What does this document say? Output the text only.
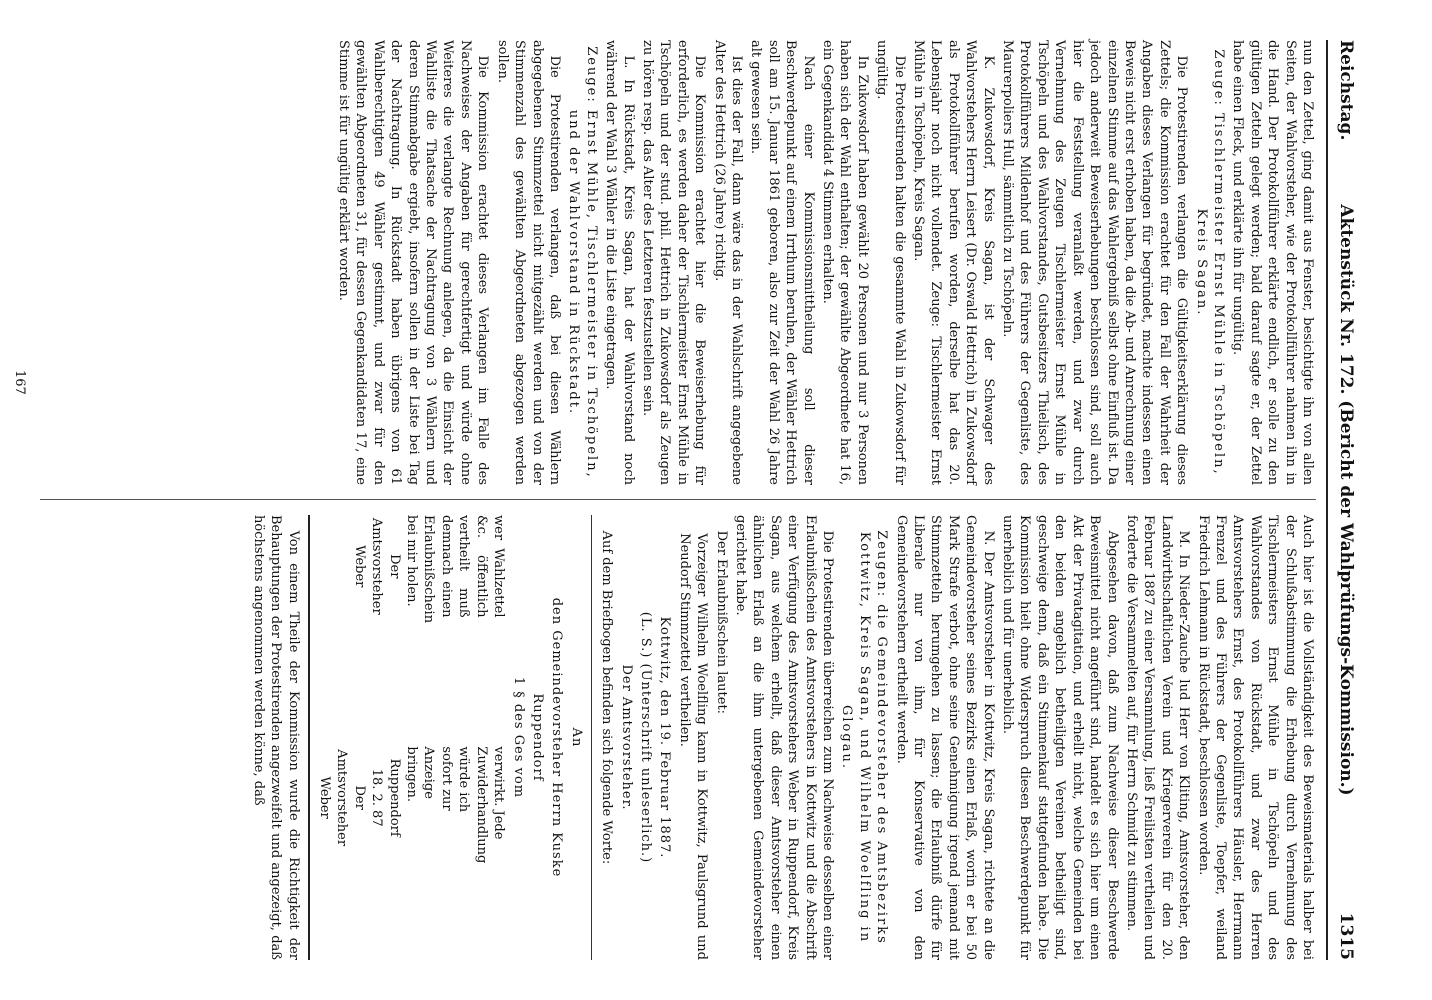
Reichstag.
Aktenstück Nr. 172. (Bericht der Wahlprüfungs-Kommission.)
1315

nun den Zettel, ging damit aus Fenster, besichtigte ihn von allen Seiten, der Wahlvorsteher, wie der Protokollführer nahmen ihn in die Hand. Der Protokollführer erklärte endlich, er solle zu den gültigen Zetteln gelegt werden; bald darauf sagte er, der Zettel habe einen Fleck, und erklärte ihn für ungültig.

Zeuge: Tischlermeister Ernst Mühle in Tschöpeln, Kreis Sagan.

Die Protestirenden verlangen die Gültigkeitserklärung dieses Zettels; die Kommission erachtet für den Fall der Wahrheit der Angaben dieses Verlangen für begründet, machte indessen einen Beweis nicht erst erhoben haben, da die Ab- und Anrechnung einer einzelnen Stimme auf das Wahlergebniß selbst ohne Einfluß ist. Da jedoch anderweit Beweiserhebungen beschlossen sind, soll auch hier die Feststellung veranlaßt werden, und zwar durch Vernehmung des Zeugen Tischlermeister Ernst Mühle in Tschöpeln und des Wahlvorstandes, Gutsbesitzers Thielisch, des Protokollführers Mildenhof und des Führers der Gegenliste, des Maurerpoliers Hull, sämmtlich zu Tschöpeln.

K. Zukowsdorf, Kreis Sagan, ist der Schwager des Wahlvorstehers Herrn Leisert (Dr. Oswald Hettrich) in Zukowsdorf als Protokollführer berufen worden, derselbe hat das 20. Lebensjahr noch nicht vollendet. Zeuge: Tischlermeister Ernst Mühle in Tschöpeln, Kreis Sagan.

Die Protestirenden halten die gesammte Wahl in Zukowsdorf für ungültig.

In Zukowsdorf haben gewählt 20 Personen und nur 3 Personen haben sich der Wahl enthalten; der gewählte Abgeordnete hat 16, ein Gegenkandidat 4 Stimmen erhalten.

Nach einer Kommissionsmittheilung soll dieser Beschwerdepunkt auf einem Irrthum beruhen, der Wähler Hettrich soll am 15. Januar 1861 geboren, also zur Zeit der Wahl 26 Jahre alt gewesen sein.

Ist dies der Fall, dann wäre das in der Wahlschrift angegebene Alter des Hettrich (26 Jahre) richtig.

Die Kommission erachtet hier die Beweiserhebung für erforderlich, es werden daher der Tischlermeister Ernst Mühle in Tschöpeln und der stud. phil. Hettrich in Zukowsdorf als Zeugen zu hören resp. das Alter des Letzteren festzustellen sein.

L. In Rückstadt, Kreis Sagan, hat der Wahlvorstand noch während der Wahl 3 Wähler in die Liste eingetragen.

Zeuge: Ernst Mühle, Tischlermeister in Tschöpeln, und der Wahlvorstand in Rückstadt.

Die Protestirenden verlangen, daß bei diesen Wählern abgegebenen Stimmzettel nicht mitgezählt werden und von der Stimmenzahl des gewählten Abgeordneten abgezogen werden sollen.

Die Kommission erachtet dieses Verlangen im Falle des Nachweises der Angaben für gerechtfertigt und würde ohne Weiteres die verlangte Rechnung anlegen, da die Einsicht der Wahlliste die Thatsache der Nachtragung von 3 Wählern und deren Stimmabgabe ergiebt, insofern sollen in der Liste bei Tag der Nachtragung. In Rückstadt haben übrigens von 61 Wahlberechtigten 49 Wähler gestimmt, und zwar für den gewählten Abgeordneten 31, für dessen Gegenkandidaten 17, eine Stimme ist für ungültig erklärt worden.

Auch hier ist die Vollständigkeit des Beweismaterials halber bei der Schlußabstimmung die Erhebung durch Vernehmung des Tischlermeisters Ernst Mühle in Tschöpeln und des Wahlvorstandes von Rückstadt, und zwar des Herren Amtsvorstehers Ernst, des Protokollführers Häusler, Herrmann Frenzel und des Führers der Gegenliste, Toepfer, weiland Friedrich Lehmann in Rückstadt, beschlossen worden.

M. In Nieder-Zauche lud Herr von Kliting, Amtsvorsteher, den Landwirthschaftlichen Verein und Kriegerverein für den 20. Februar 1887 zu einer Versammlung, ließ Freilisten vertheilen und forderte die Versammelten auf, für Herrn Schmidt zu stimmen.

Abgesehen davon, daß zum Nachweise dieser Beschwerde Beweismittel nicht angeführt sind, handelt es sich hier um einen Akt der Privatagitation, und erhellt nicht, welche Gemeinden bei den beiden angeblich betheiligten Vereinen betheiligt sind, geschweige denn, daß ein Stimmenkauf stattgefunden habe. Die Kommission hielt ohne Widerspruch diesen Beschwerdepunkt für unerheblich und für unerheblich.

N. Der Amtsvorsteher in Kottwitz, Kreis Sagan, richtete an die Gemeindevorsteher seines Bezirks einen Erlaß, worin er bei 50 Mark Strafe verbot, ohne seine Genehmigung irgend jemand mit Stimmzetteln herumgehen zu lassen; die Erlaubniß dürfe für Liberale nur von ihm, für Konservative von den Gemeindevorstehern ertheilt werden.

Zeugen: die Gemeindevorsteher des Amtsbezirks Kottwitz, Kreis Sagan, und Wilhelm Woelfling in Glogau.

Die Protestirenden überreichen zum Nachweise desselben einer Erlaubnißschein des Amtsvorstehers in Kottwitz und die Abschrift einer Verfügung des Amtsvorstehers Weber in Ruppendorf, Kreis Sagan, aus welchem erhellt, daß dieser Amtsvorsteher einen ähnlichen Erlaß an die ihm untergebenen Gemeindevorsteher gerichtet habe.

Der Erlaubnißschein lautet:

Vorzeiger Wilhelm Woelfling kann in Kottwitz, Paulsgrund und Neudorf Stimmzettel vertheilen.

Kottwitz, den 19. Februar 1887.

(L. S.) (Unterschrift unleserlich.)

Der Amtsvorsteher.

Auf dem Briefbogen befinden sich folgende Worte:

An

den Gemeindevorsteher Herrn Kuske

Ruppendorf

1 § des Ges vom

wer Wahlzettel &c. öffentlich vertheilt muß demnach einen Erlaubnißschein bei mir holen.
Der Amtsvorsteher
Weber
verwirkt. Jede Zuwiderhandlung würde ich sofort zur Anzeige bringen.
Ruppendorf 18. 2. 87
Der Amtsvorsteher
Weber

Von einem Theile der Kommission wurde die Richtigkeit der Behauptungen der Protestirenden angezweifelt und angezeigt, daß höchstens angenommen werden könne, daß

167
